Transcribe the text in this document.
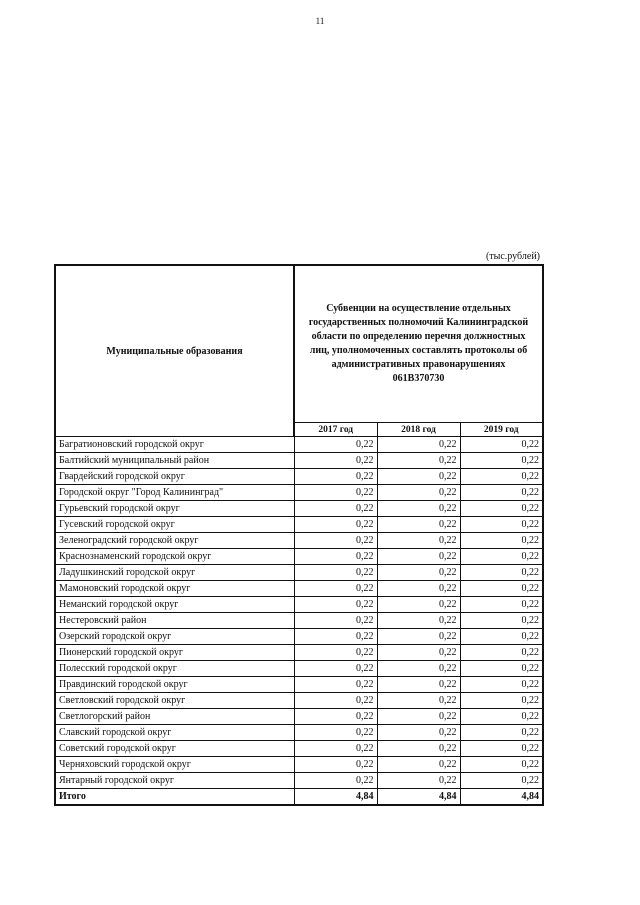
11
(тыс.рублей)
Муниципальные образования	Субвенции на осуществление отдельных государственных полномочий Калининградской области по определению перечня должностных лиц, уполномоченных составлять протоколы об административных правонарушениях 061В370730		
	2017 год	2018 год	2019 год
Багратионовский городской округ	0,22	0,22	0,22
Балтийский муниципальный район	0,22	0,22	0,22
Гвардейский городской округ	0,22	0,22	0,22
Городской округ "Город Калининград"	0,22	0,22	0,22
Гурьевский городской округ	0,22	0,22	0,22
Гусевский городской округ	0,22	0,22	0,22
Зеленоградский городской округ	0,22	0,22	0,22
Краснознаменский городской округ	0,22	0,22	0,22
Ладушкинский городской округ	0,22	0,22	0,22
Мамоновский городской округ	0,22	0,22	0,22
Неманский городской округ	0,22	0,22	0,22
Нестеровский район	0,22	0,22	0,22
Озерский городской округ	0,22	0,22	0,22
Пионерский городской округ	0,22	0,22	0,22
Полесский городской округ	0,22	0,22	0,22
Правдинский городской округ	0,22	0,22	0,22
Светловский городской округ	0,22	0,22	0,22
Светлогорский район	0,22	0,22	0,22
Славский городской округ	0,22	0,22	0,22
Советский городской округ	0,22	0,22	0,22
Черняховский городской округ	0,22	0,22	0,22
Янтарный городской округ	0,22	0,22	0,22
Итого	4,84	4,84	4,84
